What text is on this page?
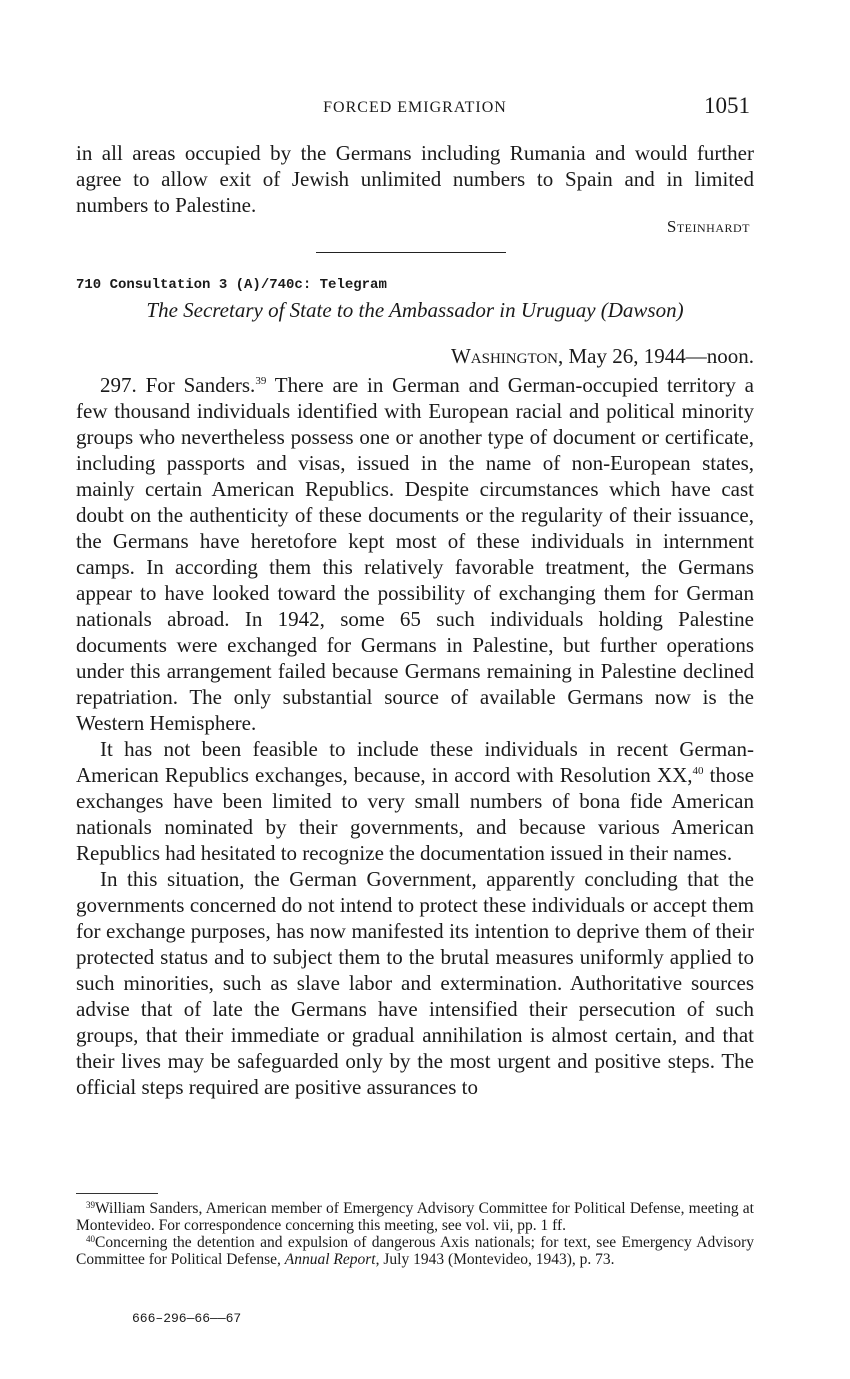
FORCED EMIGRATION	1051

in all areas occupied by the Germans including Rumania and would further agree to allow exit of Jewish unlimited numbers to Spain and in limited numbers to Palestine.

Steinhardt
710 Consultation 3 (A)/740c: Telegram
The Secretary of State to the Ambassador in Uruguay (Dawson)
Washington, May 26, 1944—noon.

297. For Sanders.$^{39}$ There are in German and German-occupied territory a few thousand individuals identified with European racial and political minority groups who nevertheless possess one or another type of document or certificate, including passports and visas, issued in the name of non-European states, mainly certain American Republics. Despite circumstances which have cast doubt on the authenticity of these documents or the regularity of their issuance, the Germans have heretofore kept most of these individuals in internment camps. In according them this relatively favorable treatment, the Germans appear to have looked toward the possibility of exchanging them for German nationals abroad. In 1942, some 65 such individuals holding Palestine documents were exchanged for Germans in Palestine, but further operations under this arrangement failed because Germans remaining in Palestine declined repatriation. The only substantial source of available Germans now is the Western Hemisphere.

It has not been feasible to include these individuals in recent German-American Republics exchanges, because, in accord with Resolution XX,$^{40}$ those exchanges have been limited to very small numbers of bona fide American nationals nominated by their governments, and because various American Republics had hesitated to recognize the documentation issued in their names.

In this situation, the German Government, apparently concluding that the governments concerned do not intend to protect these individuals or accept them for exchange purposes, has now manifested its intention to deprive them of their protected status and to subject them to the brutal measures uniformly applied to such minorities, such as slave labor and extermination. Authoritative sources advise that of late the Germans have intensified their persecution of such groups, that their immediate or gradual annihilation is almost certain, and that their lives may be safeguarded only by the most urgent and positive steps. The official steps required are positive assurances to

$^{39}$William Sanders, American member of Emergency Advisory Committee for Political Defense, meeting at Montevideo. For correspondence concerning this meeting, see vol. vii, pp. 1 ff.

$^{40}$Concerning the detention and expulsion of dangerous Axis nationals; for text, see Emergency Advisory Committee for Political Defense, Annual Report, July 1943 (Montevideo, 1943), p. 73.

666–296—66——67
